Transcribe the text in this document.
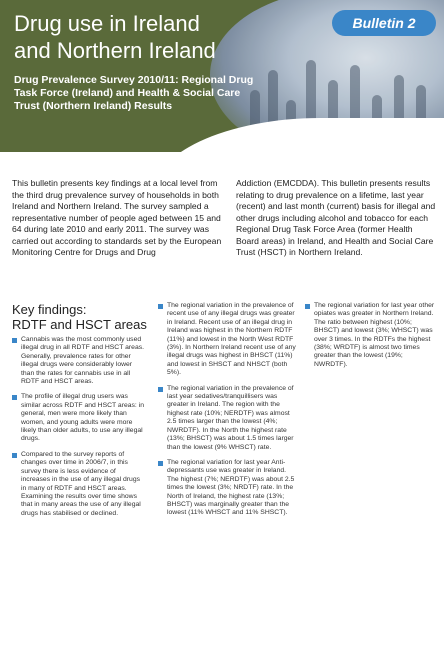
Bulletin 2
Drug use in Ireland
and Northern Ireland
Drug Prevalence Survey 2010/11: Regional Drug Task Force (Ireland) and Health & Social Care Trust (Northern Ireland) Results

This bulletin presents key findings at a local level from the third drug prevalence survey of households in both Ireland and Northern Ireland. The survey sampled a representative number of people aged between 15 and 64 during late 2010 and early 2011. The survey was carried out according to standards set by the European Monitoring Centre for Drugs and Drug

Addiction (EMCDDA). This bulletin presents results relating to drug prevalence on a lifetime, last year (recent) and last month (current) basis for illegal and other drugs including alcohol and tobacco for each Regional Drug Task Force Area (former Health Board areas) in Ireland, and Health and Social Care Trust (HSCT) in Northern Ireland.

Key findings:
RDTF and HSCT areas
Cannabis was the most commonly used illegal drug in all RDTF and HSCT areas. Generally, prevalence rates for other illegal drugs were considerably lower than the rates for cannabis use in all RDTF and HSCT areas.
The profile of illegal drug users was similar across RDTF and HSCT areas: in general, men were more likely than women, and young adults were more likely than older adults, to use any illegal drugs.
Compared to the survey reports of changes over time in 2006/7, in this survey there is less evidence of increases in the use of any illegal drugs in many of RDTF and HSCT areas. Examining the results over time shows that in many areas the use of any illegal drugs has stabilised or declined.
The regional variation in the prevalence of recent use of any illegal drugs was greater in Ireland. Recent use of an illegal drug in Ireland was highest in the Northern RDTF (11%) and lowest in the North West RDTF (3%). In Northern Ireland recent use of any illegal drugs was highest in BHSCT (11%) and lowest in SHSCT and NHSCT (both 5%).
The regional variation in the prevalence of last year sedatives/tranquillisers was greater in Ireland. The region with the highest rate (10%; NERDTF) was almost 2.5 times larger than the lowest (4%; NWRDTF). In the North the highest rate (13%; BHSCT) was about 1.5 times larger than the lowest (9% WHSCT) rate.
The regional variation for last year Anti-depressants use was greater in Ireland. The highest (7%; NERDTF) was about 2.5 times the lowest (3%; NRDTF) rate. In the North of Ireland, the highest rate (13%; BHSCT) was marginally greater than the lowest (11% WHSCT and 11% SHSCT).
The regional variation for last year other opiates was greater in Northern Ireland. The ratio between highest (10%; BHSCT) and lowest (3%; WHSCT) was over 3 times. In the RDTFs the highest (38%; WRDTF) is almost two times greater than the lowest (19%; NWRDTF).
